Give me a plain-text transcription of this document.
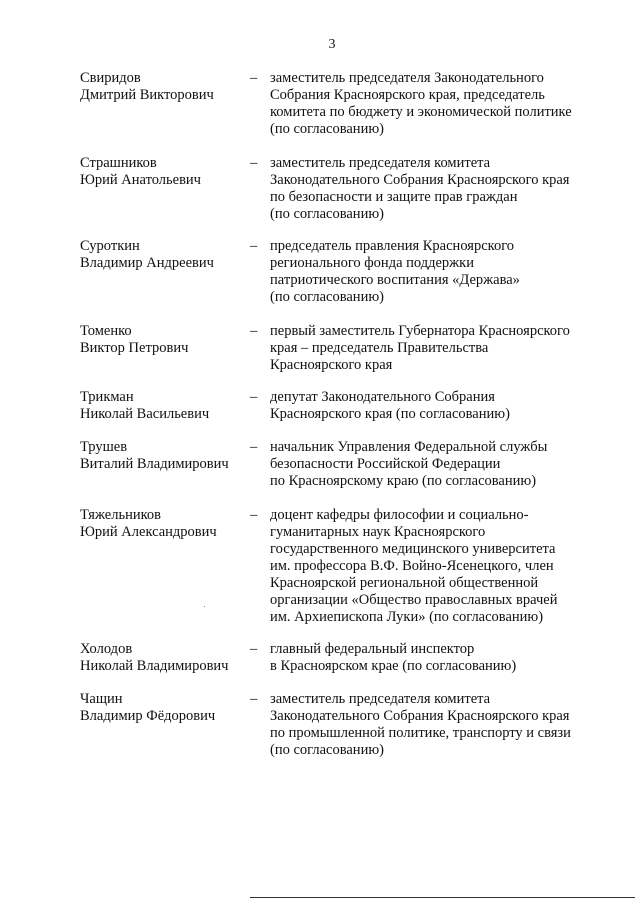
3
Свиридов
Дмитрий Викторович
– заместитель председателя Законодательного
Собрания Красноярского края, председатель
комитета по бюджету и экономической политике
(по согласованию)
Страшников
Юрий Анатольевич
– заместитель председателя комитета
Законодательного Собрания Красноярского края
по безопасности и защите прав граждан
(по согласованию)
Суроткин
Владимир Андреевич
– председатель правления Красноярского
регионального фонда поддержки
патриотического воспитания «Держава»
(по согласованию)
Томенко
Виктор Петрович
– первый заместитель Губернатора Красноярского
края – председатель Правительства
Красноярского края
Трикман
Николай Васильевич
– депутат Законодательного Собрания
Красноярского края (по согласованию)
Трушев
Виталий Владимирович
– начальник Управления Федеральной службы
безопасности Российской Федерации
по Красноярскому краю (по согласованию)
Тяжельников
Юрий Александрович
– доцент кафедры философии и социально-
гуманитарных наук Красноярского
государственного медицинского университета
им. профессора В.Ф. Войно-Ясенецкого, член
Красноярской региональной общественной
организации «Общество православных врачей
им. Архиепископа Луки» (по согласованию)
Холодов
Николай Владимирович
– главный федеральный инспектор
в Красноярском крае (по согласованию)
Чащин
Владимир Фёдорович
– заместитель председателя комитета
Законодательного Собрания Красноярского края
по промышленной политике, транспорту и связи
(по согласованию)
